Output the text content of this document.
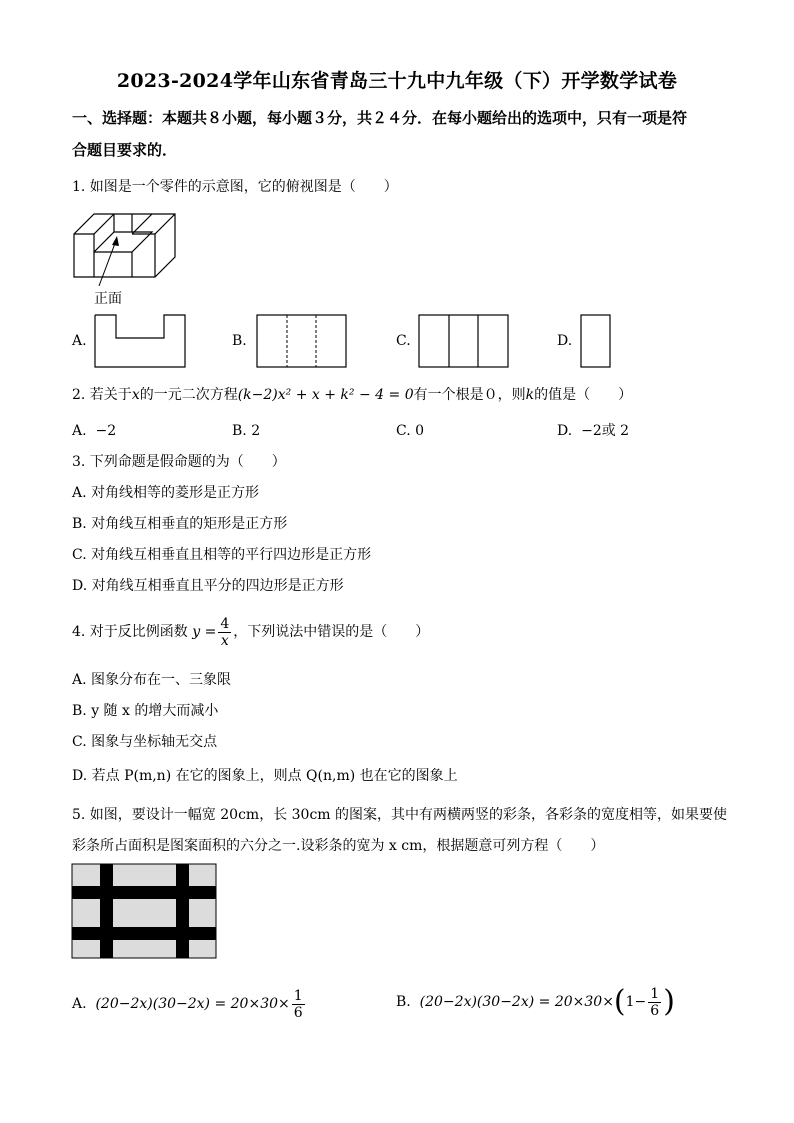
2023-2024学年山东省青岛三十九中九年级（下）开学数学试卷
一、选择题：本题共８小题，每小题３分，共２４分．在每小题给出的选项中，只有一项是符
合题目要求的．
1. 如图是一个零件的示意图，它的俯视图是（　　）
正面
A.	B.	C.	D.
2. 若关于x的一元二次方程(k−2)x² + x + k² − 4 = 0有一个根是０，则k的值是（　　）
A. −2	B. 2	C. 0	D. −2或 2
3. 下列命题是假命题的为（　　）
A. 对角线相等的菱形是正方形
B. 对角线互相垂直的矩形是正方形
C. 对角线互相垂直且相等的平行四边形是正方形
D. 对角线互相垂直且平分的四边形是正方形
4. 对于反比例函数 $y = \frac{4}{x}$ ，下列说法中错误的是（　　）
A. 图象分布在一、三象限
B. y 随 x 的增大而减小
C. 图象与坐标轴无交点
D. 若点 P(m,n) 在它的图象上，则点 Q(n,m) 也在它的图象上
5. 如图，要设计一幅宽 20cm，长 30cm 的图案，其中有两横两竖的彩条，各彩条的宽度相等，如果要使
彩条所占面积是图案面积的六分之一.设彩条的宽为 x cm，根据题意可列方程（　　）
A. $(20-2x)(30-2x) = 20\times 30\times \frac{1}{6}$	B. $(20-2x)(30-2x) = 20\times 30\times(1- \frac{1}{6}$ )
